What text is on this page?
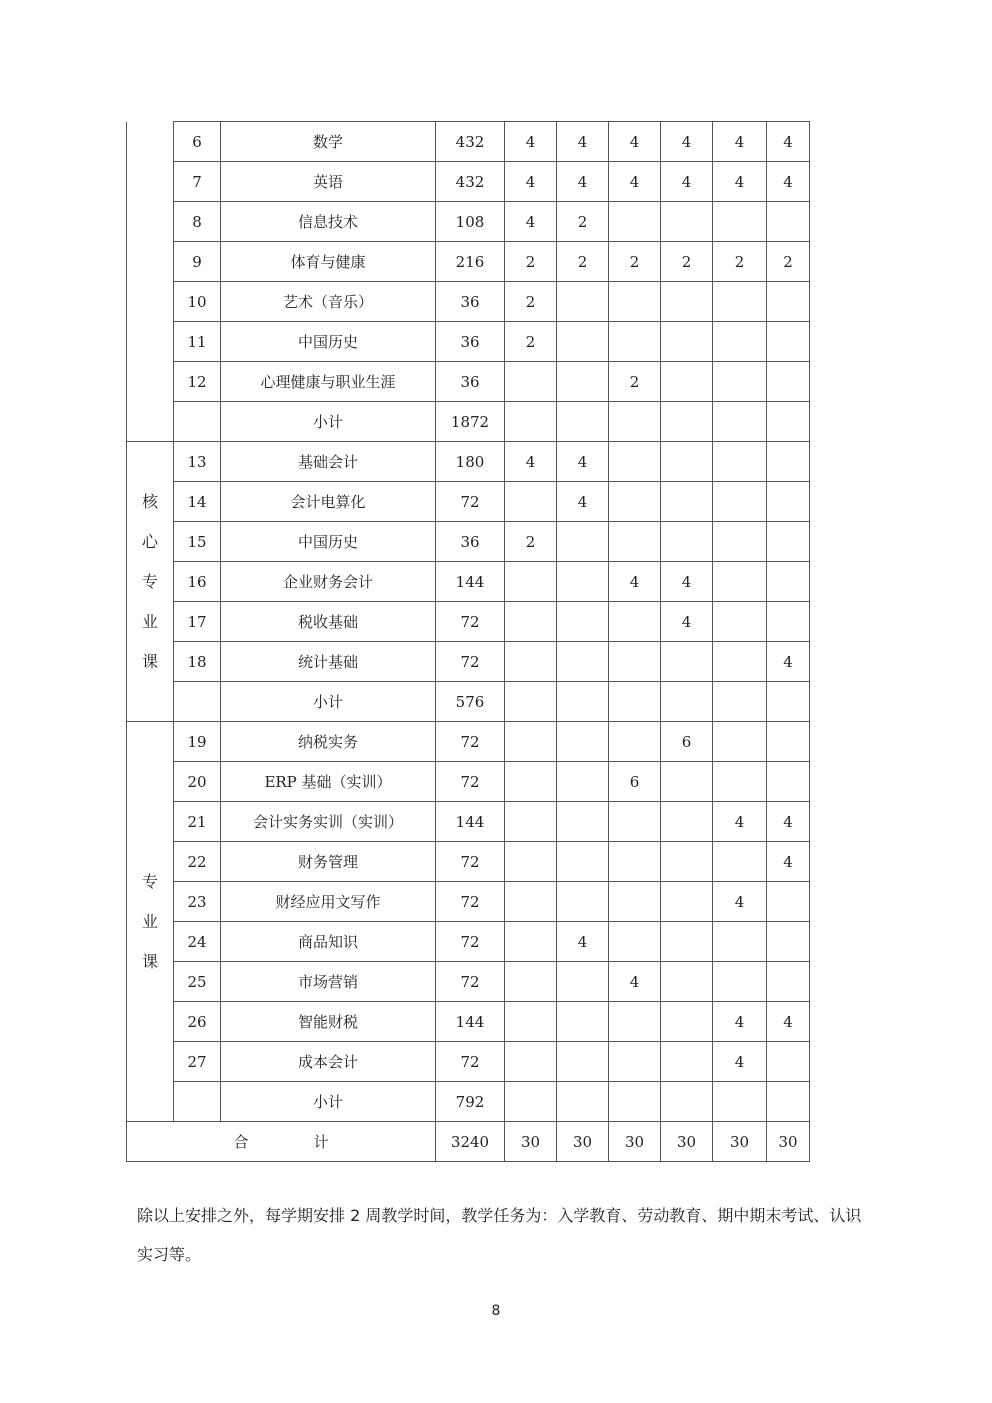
	6	数学	432	4	4	4	4	4	4
	7	英语	432	4	4	4	4	4	4
	8	信息技术	108	4	2				
	9	体育与健康	216	2	2	2	2	2	2
	10	艺术（音乐）	36	2					
	11	中国历史	36	2					
	12	心理健康与职业生涯	36			2			
		小计	1872						

核
心
专
业
课	13	基础会计	180	4	4				
	14	会计电算化	72		4				
	15	中国历史	36	2					
	16	企业财务会计	144			4	4		
	17	税收基础	72				4		
	18	统计基础	72						4
		小计	576						

专
业
课	19	纳税实务	72				6		
	20	ERP 基础（实训）	72			6			
	21	会计实务实训（实训）	144					4	4
	22	财务管理	72						4
	23	财经应用文写作	72					4	
	24	商品知识	72		4				
	25	市场营销	72			4			
	26	智能财税	144					4	4
	27	成本会计	72					4	
		小计	792						
合 计			3240	30	30	30	30	30	30
除以上安排之外，每学期安排 2 周教学时间，教学任务为：入学教育、劳动教育、期中期末考试、认识实习等。
8
